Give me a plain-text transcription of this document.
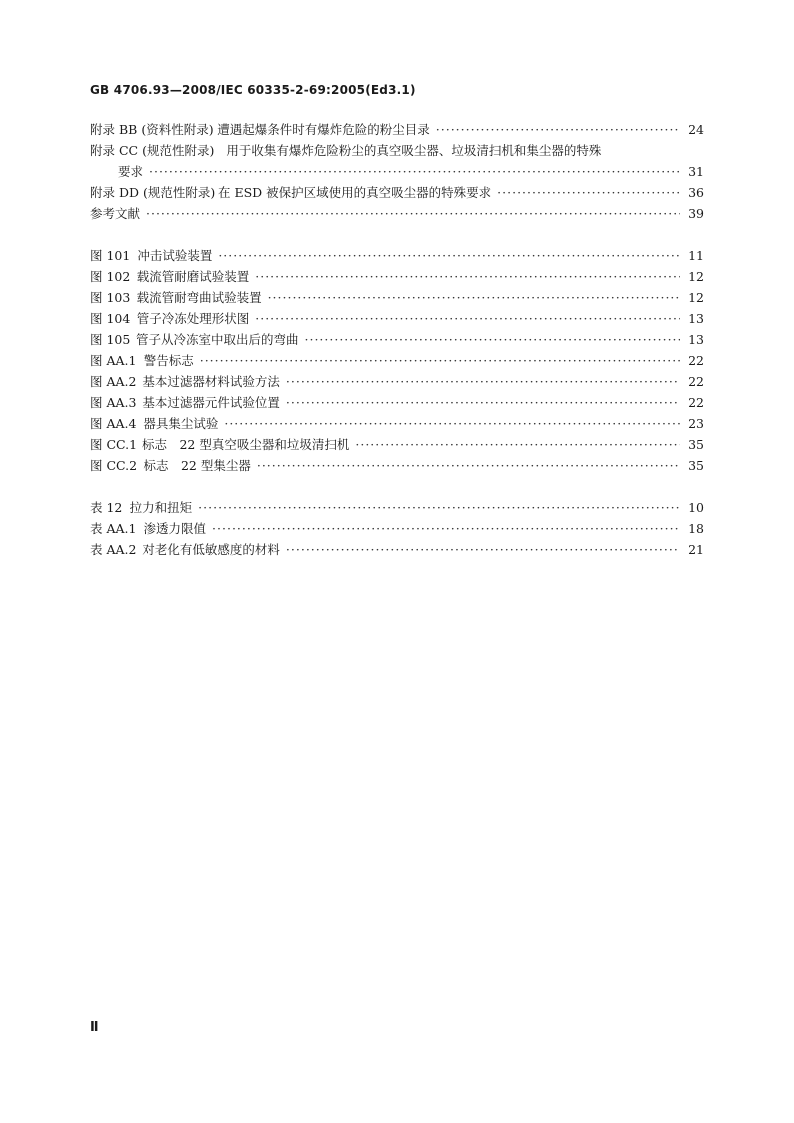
GB 4706.93—2008/IEC 60335-2-69:2005(Ed3.1)
附录 BB (资料性附录) 遭遇起爆条件时有爆炸危险的粉尘目录 ·····	24
附录 CC (规范性附录) 用于收集有爆炸危险粉尘的真空吸尘器、垃圾清扫机和集尘器的特殊
要求 ·····	31
附录 DD (规范性附录) 在 ESD 被保护区域使用的真空吸尘器的特殊要求 ·····	36
参考文献 ·····	39
图 101 冲击试验装置 ·····	11
图 102 载流管耐磨试验装置 ·····	12
图 103 载流管耐弯曲试验装置 ·····	12
图 104 管子冷冻处理形状图 ·····	13
图 105 管子从冷冻室中取出后的弯曲 ·····	13
图 AA.1 警告标志 ·····	22
图 AA.2 基本过滤器材料试验方法 ·····	22
图 AA.3 基本过滤器元件试验位置 ·····	22
图 AA.4 器具集尘试验 ·····	23
图 CC.1 标志　22 型真空吸尘器和垃圾清扫机 ·····	35
图 CC.2 标志　22 型集尘器 ·····	35
表 12 拉力和扭矩 ·····	10
表 AA.1 渗透力限值 ·····	18
表 AA.2 对老化有低敏感度的材料 ·····	21
Ⅱ
